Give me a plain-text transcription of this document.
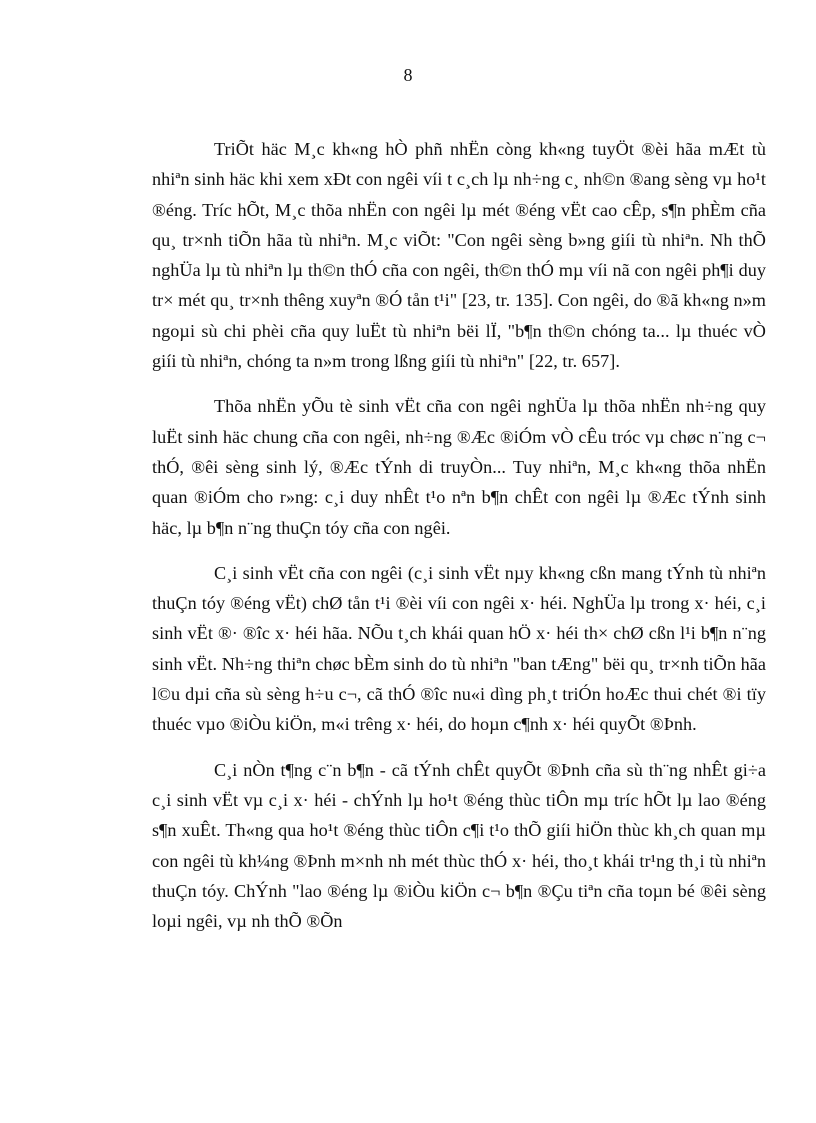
8

TriÕt häc M¸c kh«ng hÒ phñ nhËn còng kh«ng tuyÖt ®èi hãa mÆt tù nhiªn sinh häc khi xem xÐt con ngêi víi t c¸ch lµ nh÷ng c¸ nh©n ®ang sèng vµ ho¹t ®éng. Tríc hÕt, M¸c thõa nhËn con ngêi lµ mét ®éng vËt cao cÊp, s¶n phÈm cña qu¸ tr×nh tiÕn hãa tù nhiªn. M¸c viÕt: "Con ngêi sèng b»ng giíi tù nhiªn. Nh thÕ nghÜa lµ tù nhiªn lµ th©n thÓ cña con ngêi, th©n thÓ mµ víi nã con ngêi ph¶i duy tr× mét qu¸ tr×nh thêng xuyªn ®Ó tån t¹i" [23, tr. 135]. Con ngêi, do ®ã kh«ng n»m ngoµi sù chi phèi cña quy luËt tù nhiªn bëi lÏ, "b¶n th©n chóng ta... lµ thuéc vÒ giíi tù nhiªn, chóng ta n»m trong lßng giíi tù nhiªn" [22, tr. 657].

Thõa nhËn yÕu tè sinh vËt cña con ngêi nghÜa lµ thõa nhËn nh÷ng quy luËt sinh häc chung cña con ngêi, nh÷ng ®Æc ®iÓm vÒ cÊu tróc vµ chøc n¨ng c¬ thÓ, ®êi sèng sinh lý, ®Æc tÝnh di truyÒn... Tuy nhiªn, M¸c kh«ng thõa nhËn quan ®iÓm cho r»ng: c¸i duy nhÊt t¹o nªn b¶n chÊt con ngêi lµ ®Æc tÝnh sinh häc, lµ b¶n n¨ng thuÇn tóy cña con ngêi.

C¸i sinh vËt cña con ngêi (c¸i sinh vËt nµy kh«ng cßn mang tÝnh tù nhiªn thuÇn tóy ®éng vËt) chØ tån t¹i ®èi víi con ngêi x· héi. NghÜa lµ trong x· héi, c¸i sinh vËt ®· ®îc x· héi hãa. NÕu t¸ch khái quan hÖ x· héi th× chØ cßn l¹i b¶n n¨ng sinh vËt. Nh÷ng thiªn chøc bÈm sinh do tù nhiªn "ban tÆng" bëi qu¸ tr×nh tiÕn hãa l©u dµi cña sù sèng h÷u c¬, cã thÓ ®îc nu«i dìng ph¸t triÓn hoÆc thui chét ®i tïy thuéc vµo ®iÒu kiÖn, m«i trêng x· héi, do hoµn c¶nh x· héi quyÕt ®Þnh.

C¸i nÒn t¶ng c¨n b¶n - cã tÝnh chÊt quyÕt ®Þnh cña sù th¨ng nhÊt gi÷a c¸i sinh vËt vµ c¸i x· héi - chÝnh lµ ho¹t ®éng thùc tiÔn mµ tríc hÕt lµ lao ®éng s¶n xuÊt. Th«ng qua ho¹t ®éng thùc tiÔn c¶i t¹o thÕ giíi hiÖn thùc kh¸ch quan mµ con ngêi tù kh¼ng ®Þnh m×nh nh mét thùc thÓ x· héi, tho¸t khái tr¹ng th¸i tù nhiªn thuÇn tóy. ChÝnh "lao ®éng lµ ®iÒu kiÖn c¬ b¶n ®Çu tiªn cña toµn bé ®êi sèng loµi ngêi, vµ nh thÕ ®Õn
